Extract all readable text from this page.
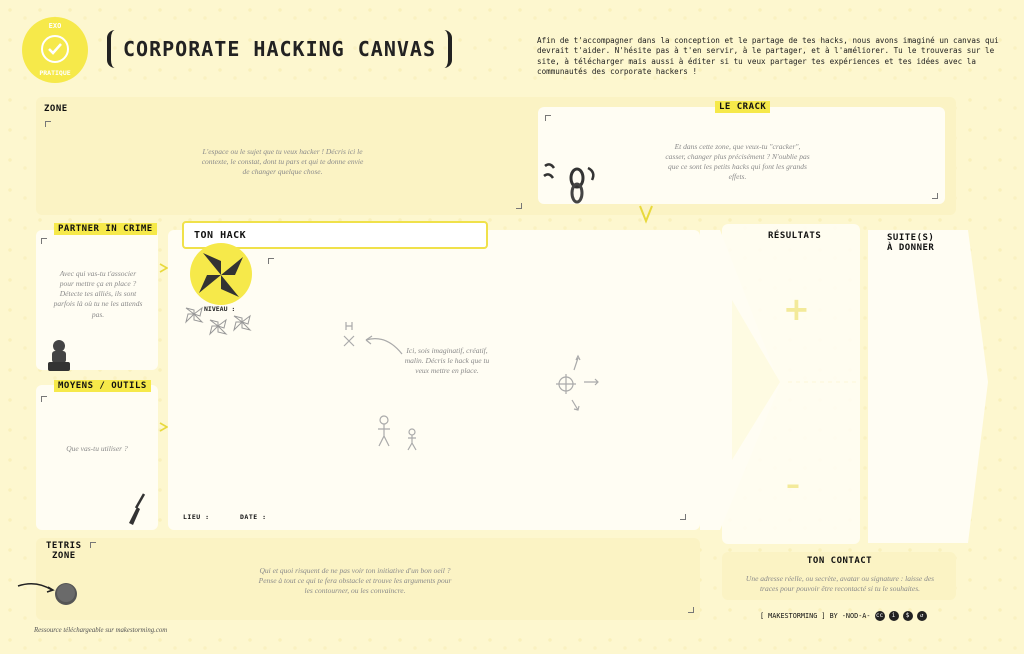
EXO
PRATIQUE
CORPORATE HACKING CANVAS	Afin de t'accompagner dans la conception et le partage de tes hacks, nous avons imaginé un canvas qui devrait t'aider. N'hésite pas à t'en servir, à le partager, et à l'améliorer. Tu le trouveras sur le site, à télécharger mais aussi à éditer si tu veux partager tes expériences et tes idées avec la communautés des corporate hackers !
ZONE
L'espace ou le sujet que tu veux hacker ! Décris ici le contexte, le constat, dont tu pars et qui te donne envie de changer quelque chose.
LE CRACK
Et dans cette zone, que veux-tu "cracker", casser, changer plus précisément ? N'oublie pas que ce sont les petits hacks qui font les grands effets.
PARTNER IN CRIME
Avec qui vas-tu t'associer pour mettre ça en place ? Détecte tes alliés, ils sont parfois là où tu ne les attends pas.
MOYENS / OUTILS
Que vas-tu utiliser ?
TON HACK
NIVEAU :
Ici, sois imaginatif, créatif, malin. Décris le hack que tu veux mettre en place.
LIEU :	DATE :
RÉSULTATS
+
–
SUITE(S)
À DONNER
TETRIS
ZONE
Qui et quoi risquent de ne pas voir ton initiative d'un bon oeil ? Pense à tout ce qui te fera obstacle et trouve les arguments pour les contourner, ou les convaincre.
TON CONTACT
Une adresse réelle, ou secrète, avatar ou signature : laisse des traces pour pouvoir être recontacté si tu le souhaites.
Ressource téléchargeable sur makestorming.com
[ MAKESTORMING ] BY -NOD-A- cc	i	$	↺
